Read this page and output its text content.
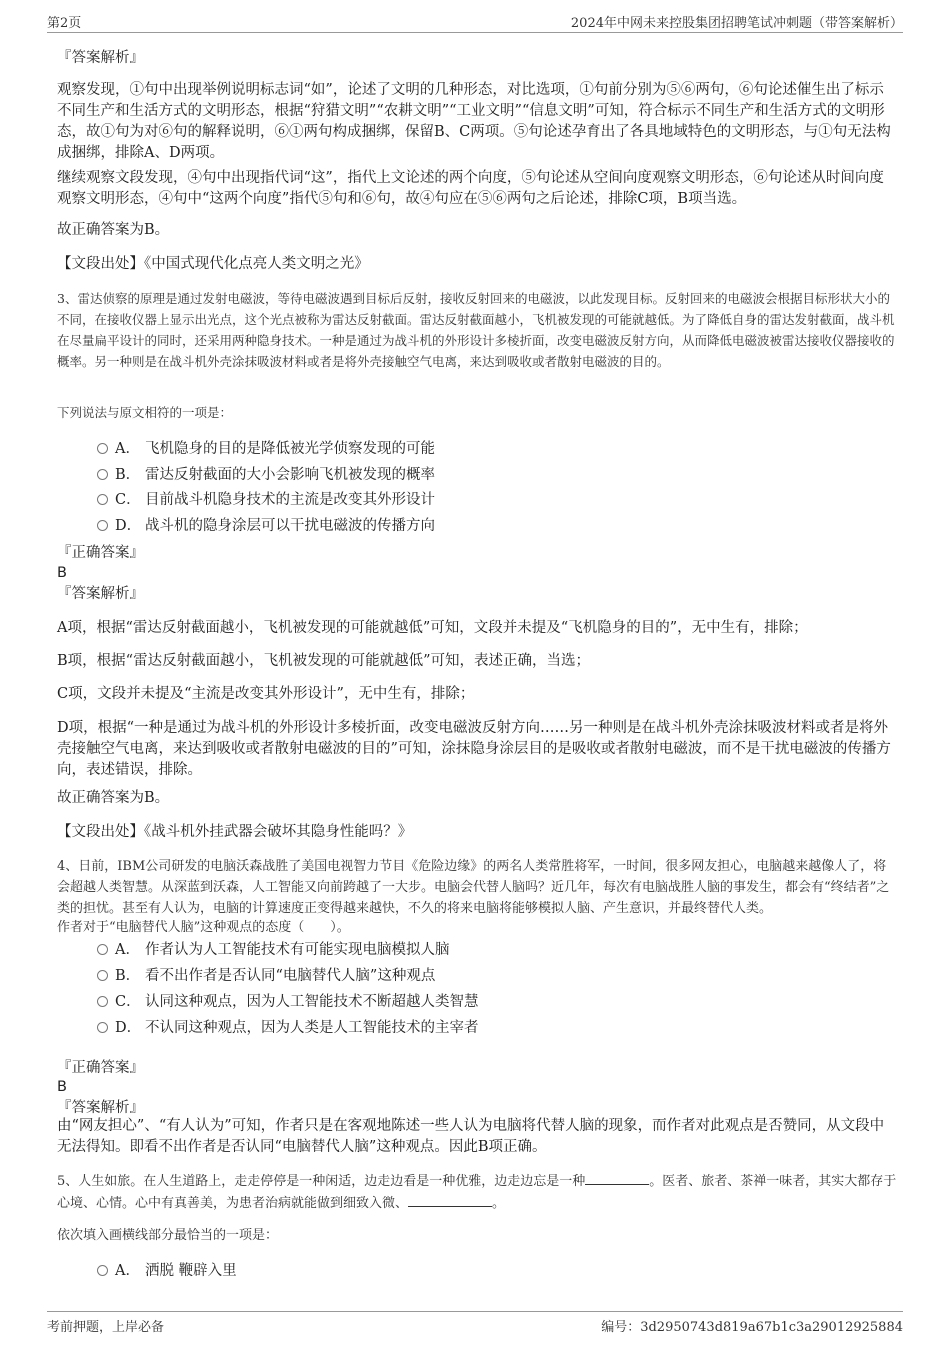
第2页	2024年中网未来控股集团招聘笔试冲刺题（带答案解析）
『答案解析』
观察发现，①句中出现举例说明标志词“如”，论述了文明的几种形态，对比选项，①句前分别为⑤⑥两句，⑥句论述催生出了标示不同生产和生活方式的文明形态，根据“狩猎文明”“农耕文明”“工业文明”“信息文明”可知，符合标示不同生产和生活方式的文明形态，故①句为对⑥句的解释说明，⑥①两句构成捆绑，保留B、C两项。⑤句论述孕育出了各具地域特色的文明形态，与①句无法构成捆绑，排除A、D两项。
继续观察文段发现，④句中出现指代词“这”，指代上文论述的两个向度，⑤句论述从空间向度观察文明形态，⑥句论述从时间向度观察文明形态，④句中“这两个向度”指代⑤句和⑥句，故④句应在⑤⑥两句之后论述，排除C项，B项当选。
故正确答案为B。
【文段出处】《中国式现代化点亮人类文明之光》
3、雷达侦察的原理是通过发射电磁波，等待电磁波遇到目标后反射，接收反射回来的电磁波，以此发现目标。反射回来的电磁波会根据目标形状大小的不同，在接收仪器上显示出光点，这个光点被称为雷达反射截面。雷达反射截面越小，飞机被发现的可能就越低。为了降低自身的雷达发射截面，战斗机在尽量扁平设计的同时，还采用两种隐身技术。一种是通过为战斗机的外形设计多棱折面，改变电磁波反射方向，从而降低电磁波被雷达接收仪器接收的概率。另一种则是在战斗机外壳涂抹吸波材料或者是将外壳接触空气电离，来达到吸收或者散射电磁波的目的。
下列说法与原文相符的一项是：
A． 飞机隐身的目的是降低被光学侦察发现的可能
B． 雷达反射截面的大小会影响飞机被发现的概率
C． 目前战斗机隐身技术的主流是改变其外形设计
D． 战斗机的隐身涂层可以干扰电磁波的传播方向
『正确答案』
B
『答案解析』
A项，根据“雷达反射截面越小，飞机被发现的可能就越低”可知，文段并未提及“飞机隐身的目的”，无中生有，排除；
B项，根据“雷达反射截面越小，飞机被发现的可能就越低”可知，表述正确，当选；
C项，文段并未提及“主流是改变其外形设计”，无中生有，排除；
D项，根据“一种是通过为战斗机的外形设计多棱折面，改变电磁波反射方向……另一种则是在战斗机外壳涂抹吸波材料或者是将外壳接触空气电离，来达到吸收或者散射电磁波的目的”可知，涂抹隐身涂层目的是吸收或者散射电磁波，而不是干扰电磁波的传播方向，表述错误，排除。
故正确答案为B。
【文段出处】《战斗机外挂武器会破坏其隐身性能吗？》
4、日前，IBM公司研发的电脑沃森战胜了美国电视智力节目《危险边缘》的两名人类常胜将军，一时间，很多网友担心，电脑越来越像人了，将会超越人类智慧。从深蓝到沃森，人工智能又向前跨越了一大步。电脑会代替人脑吗？近几年，每次有电脑战胜人脑的事发生，都会有“终结者”之类的担忧。甚至有人认为，电脑的计算速度正变得越来越快，不久的将来电脑将能够模拟人脑、产生意识，并最终替代人类。
作者对于“电脑替代人脑”这种观点的态度（　　）。
A． 作者认为人工智能技术有可能实现电脑模拟人脑
B． 看不出作者是否认同“电脑替代人脑”这种观点
C． 认同这种观点，因为人工智能技术不断超越人类智慧
D． 不认同这种观点，因为人类是人工智能技术的主宰者
『正确答案』
B
『答案解析』
由“网友担心”、“有人认为”可知，作者只是在客观地陈述一些人认为电脑将代替人脑的现象，而作者对此观点是否赞同，从文段中无法得知。即看不出作者是否认同“电脑替代人脑”这种观点。因此B项正确。
5、人生如旅。在人生道路上，走走停停是一种闲适，边走边看是一种优雅，边走边忘是一种	。医者、旅者、茶禅一味者，其实大都存于心境、心情。心中有真善美，为患者治病就能做到细致入微、	。
依次填入画横线部分最恰当的一项是：
A． 洒脱 鞭辟入里
考前押题，上岸必备	编号：3d2950743d819a67b1c3a29012925884
